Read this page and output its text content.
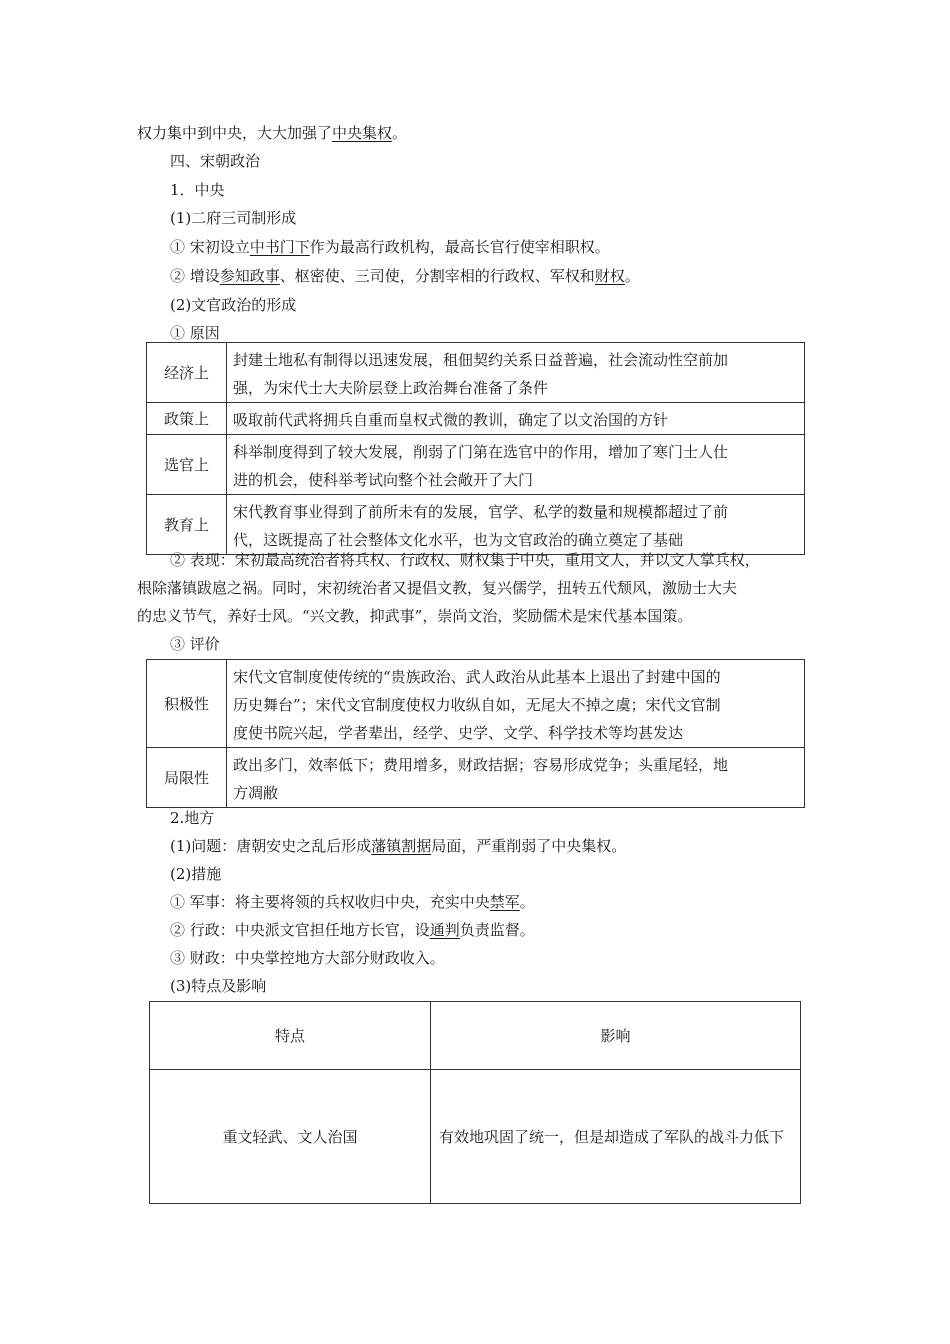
权力集中到中央，大大加强了中央集权。
四、宋朝政治
1．中央
(1)二府三司制形成
① 宋初设立中书门下作为最高行政机构，最高长官行使宰相职权。
② 增设参知政事、枢密使、三司使，分割宰相的行政权、军权和财权。
(2)文官政治的形成
① 原因
经济上	封建土地私有制得以迅速发展，租佃契约关系日益普遍，社会流动性空前加
强，为宋代士大夫阶层登上政治舞台准备了条件

政策上	吸取前代武将拥兵自重而皇权式微的教训，确定了以文治国的方针

选官上	科举制度得到了较大发展，削弱了门第在选官中的作用，增加了寒门士人仕
进的机会，使科举考试向整个社会敞开了大门

教育上	宋代教育事业得到了前所未有的发展，官学、私学的数量和规模都超过了前
代，这既提高了社会整体文化水平，也为文官政治的确立奠定了基础
② 表现：宋初最高统治者将兵权、行政权、财权集于中央，重用文人，并以文人掌兵权，
根除藩镇跋扈之祸。同时，宋初统治者又提倡文教，复兴儒学，扭转五代颓风，激励士大夫
的忠义节气，养好士风。“兴文教，抑武事”，崇尚文治，奖励儒术是宋代基本国策。
③ 评价
积极性	宋代文官制度使传统的“贵族政治、武人政治从此基本上退出了封建中国的
历史舞台”；宋代文官制度使权力收纵自如，无尾大不掉之虞；宋代文官制
度使书院兴起，学者辈出，经学、史学、文学、科学技术等均甚发达

局限性	政出多门，效率低下；费用增多，财政拮据；容易形成党争；头重尾轻，地
方凋敝
2.地方
(1)问题：唐朝安史之乱后形成藩镇割据局面，严重削弱了中央集权。
(2)措施
① 军事：将主要将领的兵权收归中央，充实中央禁军。
② 行政：中央派文官担任地方长官，设通判负责监督。
③ 财政：中央掌控地方大部分财政收入。
(3)特点及影响
特点	影响
重文轻武、文人治国	有效地巩固了统一，但是却造成了军队的战斗力低下
